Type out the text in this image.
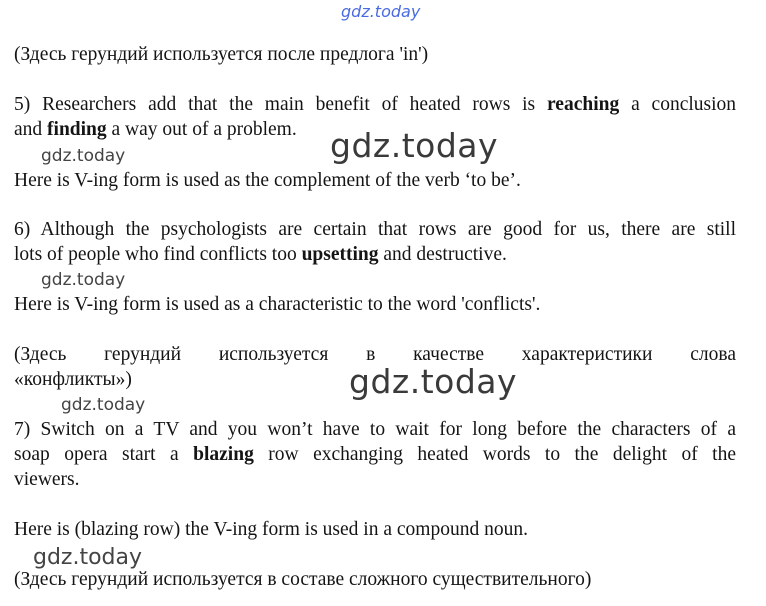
gdz.today
gdz.today
gdz.today
gdz.today
gdz.today
gdz.today
gdz.today
(Здесь герундий используется после предлога 'in')
5) Researchers add that the main benefit of heated rows is reaching a conclusion
and finding a way out of a problem.
Here is V-ing form is used as the complement of the verb ‘to be’.
6) Although the psychologists are certain that rows are good for us, there are still
lots of people who find conflicts too upsetting and destructive.
Here is V-ing form is used as a characteristic to the word 'conflicts'.
(Здесь герундий используется в качестве характеристики слова
«конфликты»)
7) Switch on a TV and you won’t have to wait for long before the characters of a
soap opera start a blazing row exchanging heated words to the delight of the
viewers.
Here is (blazing row) the V-ing form is used in a compound noun.
(Здесь герундий используется в составе сложного существительного)
